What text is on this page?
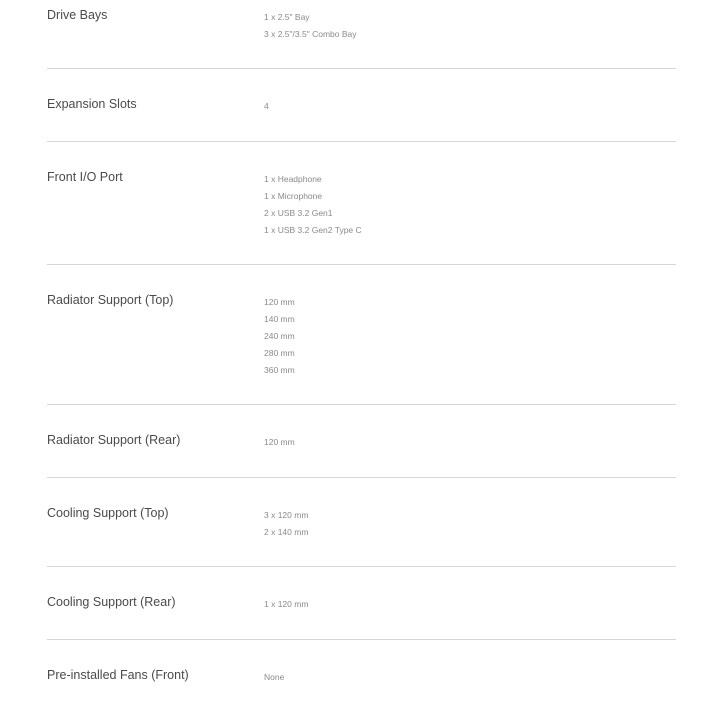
Drive Bays	1 x 2.5" Bay
3 x 2.5"/3.5" Combo Bay
Expansion Slots	4
Front I/O Port	1 x Headphone
1 x Microphone
2 x USB 3.2 Gen1
1 x USB 3.2 Gen2 Type C
Radiator Support (Top)	120 mm
140 mm
240 mm
280 mm
360 mm
Radiator Support (Rear)	120 mm
Cooling Support (Top)	3 x 120 mm
2 x 140 mm
Cooling Support (Rear)	1 x 120 mm
Pre-installed Fans (Front)	None
